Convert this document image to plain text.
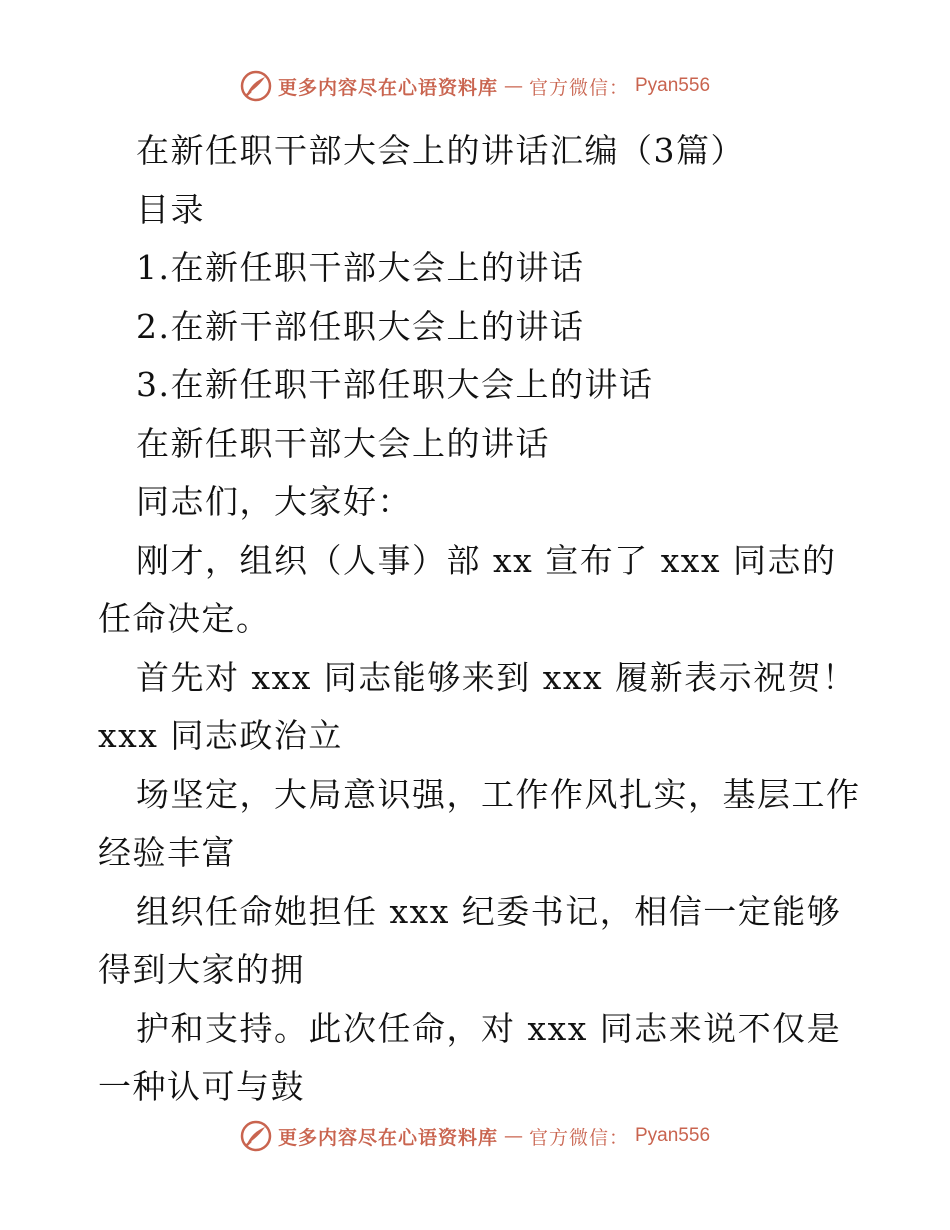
更多内容尽在心语资料库 — 官方微信： Pyan556
在新任职干部大会上的讲话汇编（3篇）
目录
1.在新任职干部大会上的讲话
2.在新干部任职大会上的讲话
3.在新任职干部任职大会上的讲话
在新任职干部大会上的讲话
同志们，大家好：
刚才，组织（人事）部 xx 宣布了 xxx 同志的
任命决定。
首先对 xxx 同志能够来到 xxx 履新表示祝贺！
xxx 同志政治立
场坚定，大局意识强，工作作风扎实，基层工作
经验丰富
组织任命她担任 xxx 纪委书记，相信一定能够
得到大家的拥
护和支持。此次任命，对 xxx 同志来说不仅是
一种认可与鼓
更多内容尽在心语资料库 — 官方微信： Pyan556
